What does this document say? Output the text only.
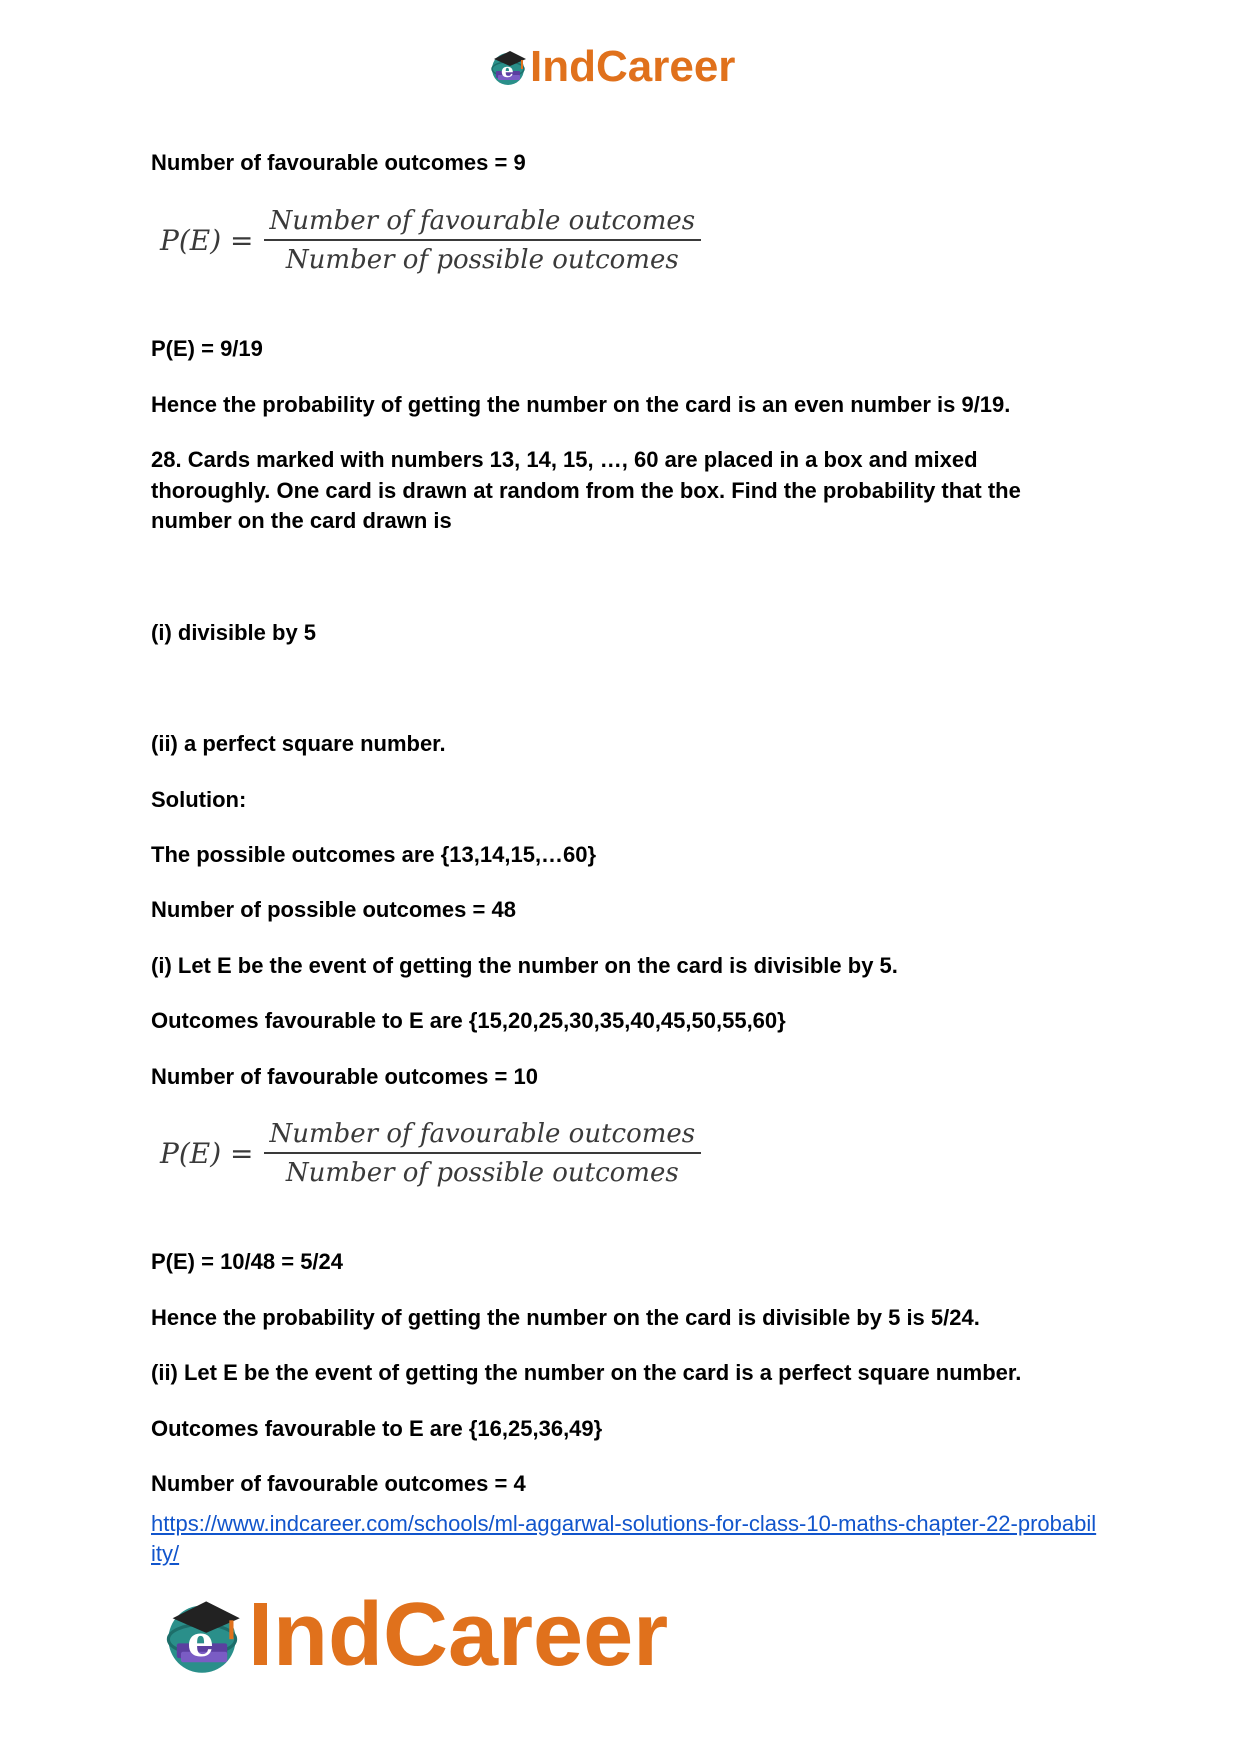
e IndCareer
Number of favourable outcomes = 9
$P(E) = \frac{\text{Number of favourable outcomes}}{\text{Number of possible outcomes}}$
P(E) = 9/19
Hence the probability of getting the number on the card is an even number is 9/19.
28. Cards marked with numbers 13, 14, 15, …, 60 are placed in a box and mixed thoroughly. One card is drawn at random from the box. Find the probability that the number on the card drawn is
(i) divisible by 5
(ii) a perfect square number.
Solution:
The possible outcomes are {13,14,15,…60}
Number of possible outcomes = 48
(i) Let E be the event of getting the number on the card is divisible by 5.
Outcomes favourable to E are {15,20,25,30,35,40,45,50,55,60}
Number of favourable outcomes = 10
$P(E) = \frac{\text{Number of favourable outcomes}}{\text{Number of possible outcomes}}$
P(E) = 10/48 = 5/24
Hence the probability of getting the number on the card is divisible by 5 is 5/24.
(ii) Let E be the event of getting the number on the card is a perfect square number.
Outcomes favourable to E are {16,25,36,49}
Number of favourable outcomes = 4
https://www.indcareer.com/schools/ml-aggarwal-solutions-for-class-10-maths-chapter-22-probability/
e IndCareer
